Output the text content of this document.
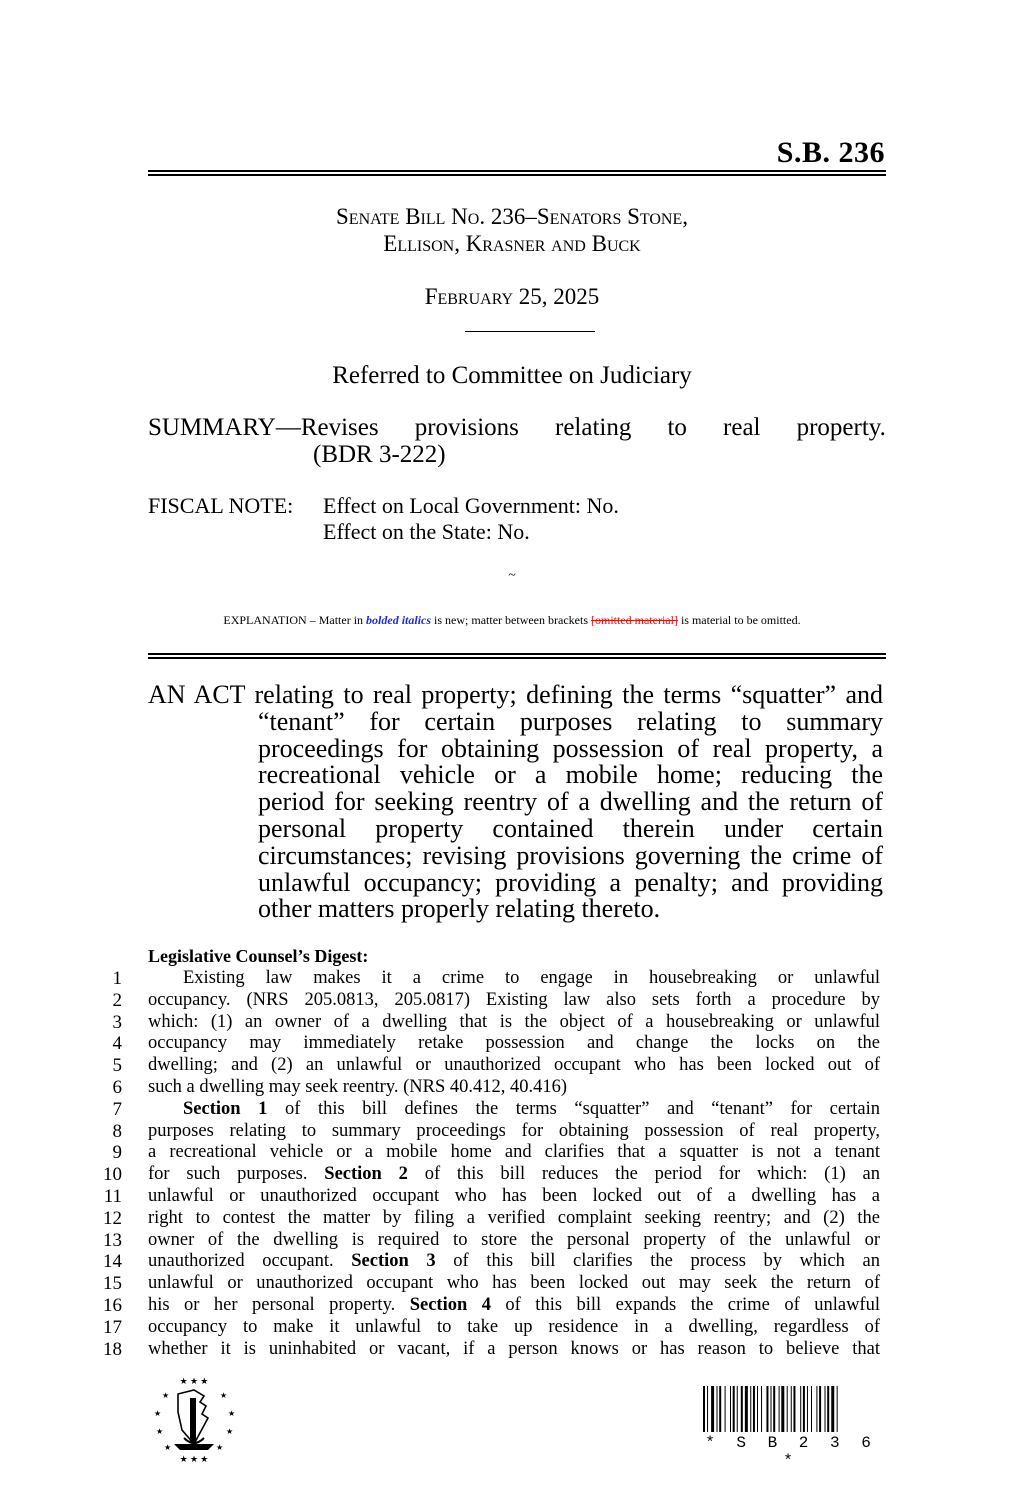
S.B. 236
Senate Bill No. 236–Senators Stone,
Ellison, Krasner and Buck
February 25, 2025
Referred to Committee on Judiciary
SUMMARY—Revises provisions relating to real property.
(BDR 3-222)
FISCAL NOTE: Effect on Local Government: No.
Effect on the State: No.
~
EXPLANATION – Matter in bolded italics is new; matter between brackets [omitted material] is material to be omitted.
AN ACT relating to real property; defining the terms “squatter” and
“tenant” for certain purposes relating to summary
proceedings for obtaining possession of real property, a
recreational vehicle or a mobile home; reducing the
period for seeking reentry of a dwelling and the return of
personal property contained therein under certain
circumstances; revising provisions governing the crime of
unlawful occupancy; providing a penalty; and providing
other matters properly relating thereto.
Legislative Counsel’s Digest:
1	Existing law makes it a crime to engage in housebreaking or unlawful
2 occupancy. (NRS 205.0813, 205.0817) Existing law also sets forth a procedure by
3 which: (1) an owner of a dwelling that is the object of a housebreaking or unlawful
4 occupancy may immediately retake possession and change the locks on the
5 dwelling; and (2) an unlawful or unauthorized occupant who has been locked out of
6 such a dwelling may seek reentry. (NRS 40.412, 40.416)
7	Section 1 of this bill defines the terms “squatter” and “tenant” for certain
8 purposes relating to summary proceedings for obtaining possession of real property,
9 a recreational vehicle or a mobile home and clarifies that a squatter is not a tenant
10 for such purposes. Section 2 of this bill reduces the period for which: (1) an
11 unlawful or unauthorized occupant who has been locked out of a dwelling has a
12 right to contest the matter by filing a verified complaint seeking reentry; and (2) the
13 owner of the dwelling is required to store the personal property of the unlawful or
14 unauthorized occupant. Section 3 of this bill clarifies the process by which an
15 unlawful or unauthorized occupant who has been locked out may seek the return of
16 his or her personal property. Section 4 of this bill expands the crime of unlawful
17 occupancy to make it unlawful to take up residence in a dwelling, regardless of
18 whether it is uninhabited or vacant, if a person knows or has reason to believe that
★ ★ ★
★	★
★	★
★	★
★	★
★ ★ ★
* S B 2 3 6 *
